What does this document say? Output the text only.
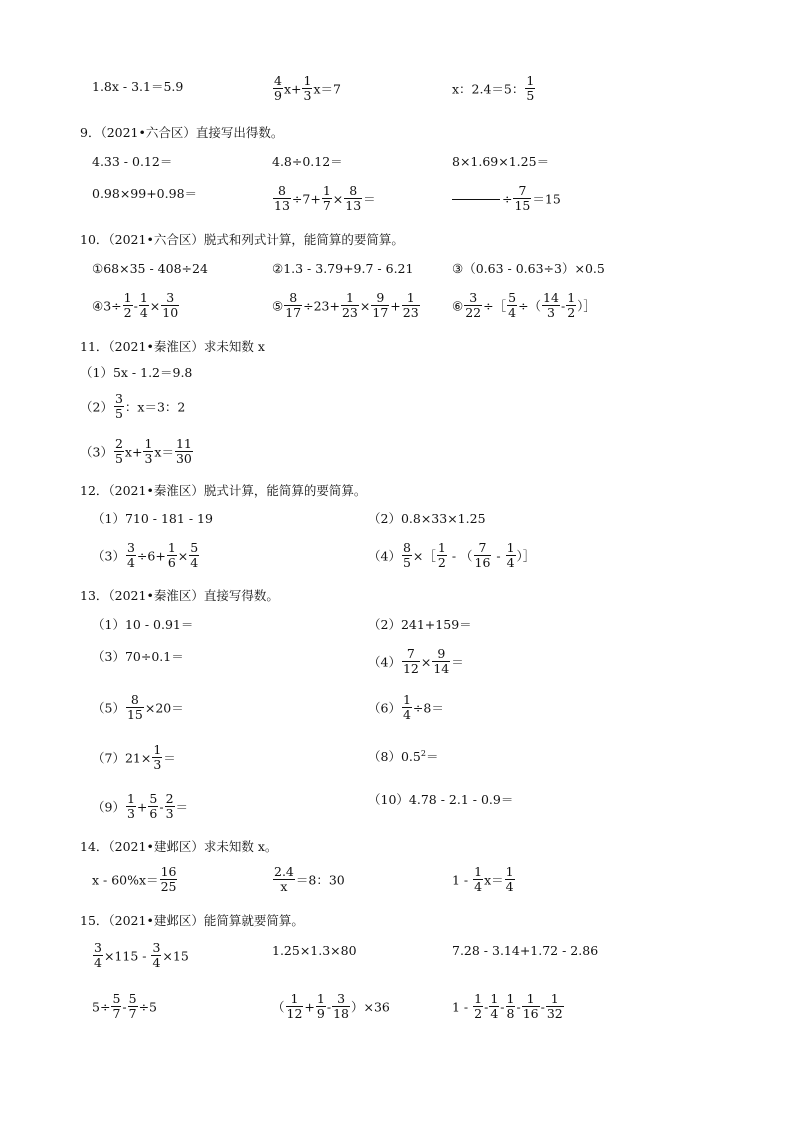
1.8x - 3.1＝5.9	$\frac{4}{9} x+ \frac{1}{3} x=7$	x：2.4＝5： $\frac{1}{5}$
9．（2021•六合区）直接写出得数。
4.33 - 0.12＝	4.8÷0.12＝	8×1.69×1.25＝
0.98×99+0.98＝	$\frac{8}{13} \div 7+ \frac{1}{7} \times \frac{8}{13}$ ＝	÷ $\frac{7}{15} =15$
10．（2021•六合区）脱式和列式计算，能简算的要简算。
①68×35 - 408÷24	②1.3 - 3.79+9.7 - 6.21	③（0.63 - 0.63÷3）×0.5
④3÷ $\frac{1}{2} - \frac{1}{4} \times \frac{3}{10}$	⑤ $\frac{8}{17} \div 23+ \frac{1}{23} \times \frac{9}{17} + \frac{1}{23}$	⑥ $\frac{3}{22}$ ÷［ $\frac{5}{4}$ ÷（ $\frac{14}{3} - \frac{1}{2}$ ）］
11．（2021•秦淮区）求未知数 x
（1）5x - 1.2＝9.8
$(2) \frac{3}{5}$ ：x＝3：2
$(3) \frac{2}{5} x+ \frac{1}{3} x= \frac{11}{30}$
12．（2021•秦淮区）脱式计算，能简算的要简算。
（1）710 - 181 - 19	（2）0.8×33×1.25
$(3) \frac{3}{4} \div 6+ \frac{1}{6} \times \frac{5}{4}$	$(4) \frac{8}{5}$ ×［ $\frac{1}{2}$ - （ $\frac{7}{16} - \frac{1}{4}$ ）］
13．（2021•秦淮区）直接写得数。
（1）10 - 0.91＝	（2）241+159＝
（3）70÷0.1＝	$(4) \frac{7}{12} \times \frac{9}{14}$ ＝
$(5) \frac{8}{15} \times 20=$	$(6) \frac{1}{4} \div 8=$
$(7)21\times \frac{1}{3}$ ＝	$(8)0.5^2=$
$(9) \frac{1}{3} + \frac{5}{6} - \frac{2}{3}$ ＝	（10）4.78 - 2.1 - 0.9＝
14．（2021•建邺区）求未知数 x。
$x - 60\%x= \frac{16}{25}$	$\frac{2.4}{x} =8$：30	$1 - \frac{1}{4} x= \frac{1}{4}$
15．（2021•建邺区）能简算就要简算。
$\frac{3}{4} \times 115 - \frac{3}{4} \times 15$	1.25×1.3×80	7.28 - 3.14+1.72 - 2.86
$5\div \frac{5}{7} - \frac{5}{7} \div 5$	（ $\frac{1}{12} + \frac{1}{9} - \frac{3}{18} )\times 36$	$1 - \frac{1}{2} - \frac{1}{4} - \frac{1}{8} - \frac{1}{16} - \frac{1}{32}$
